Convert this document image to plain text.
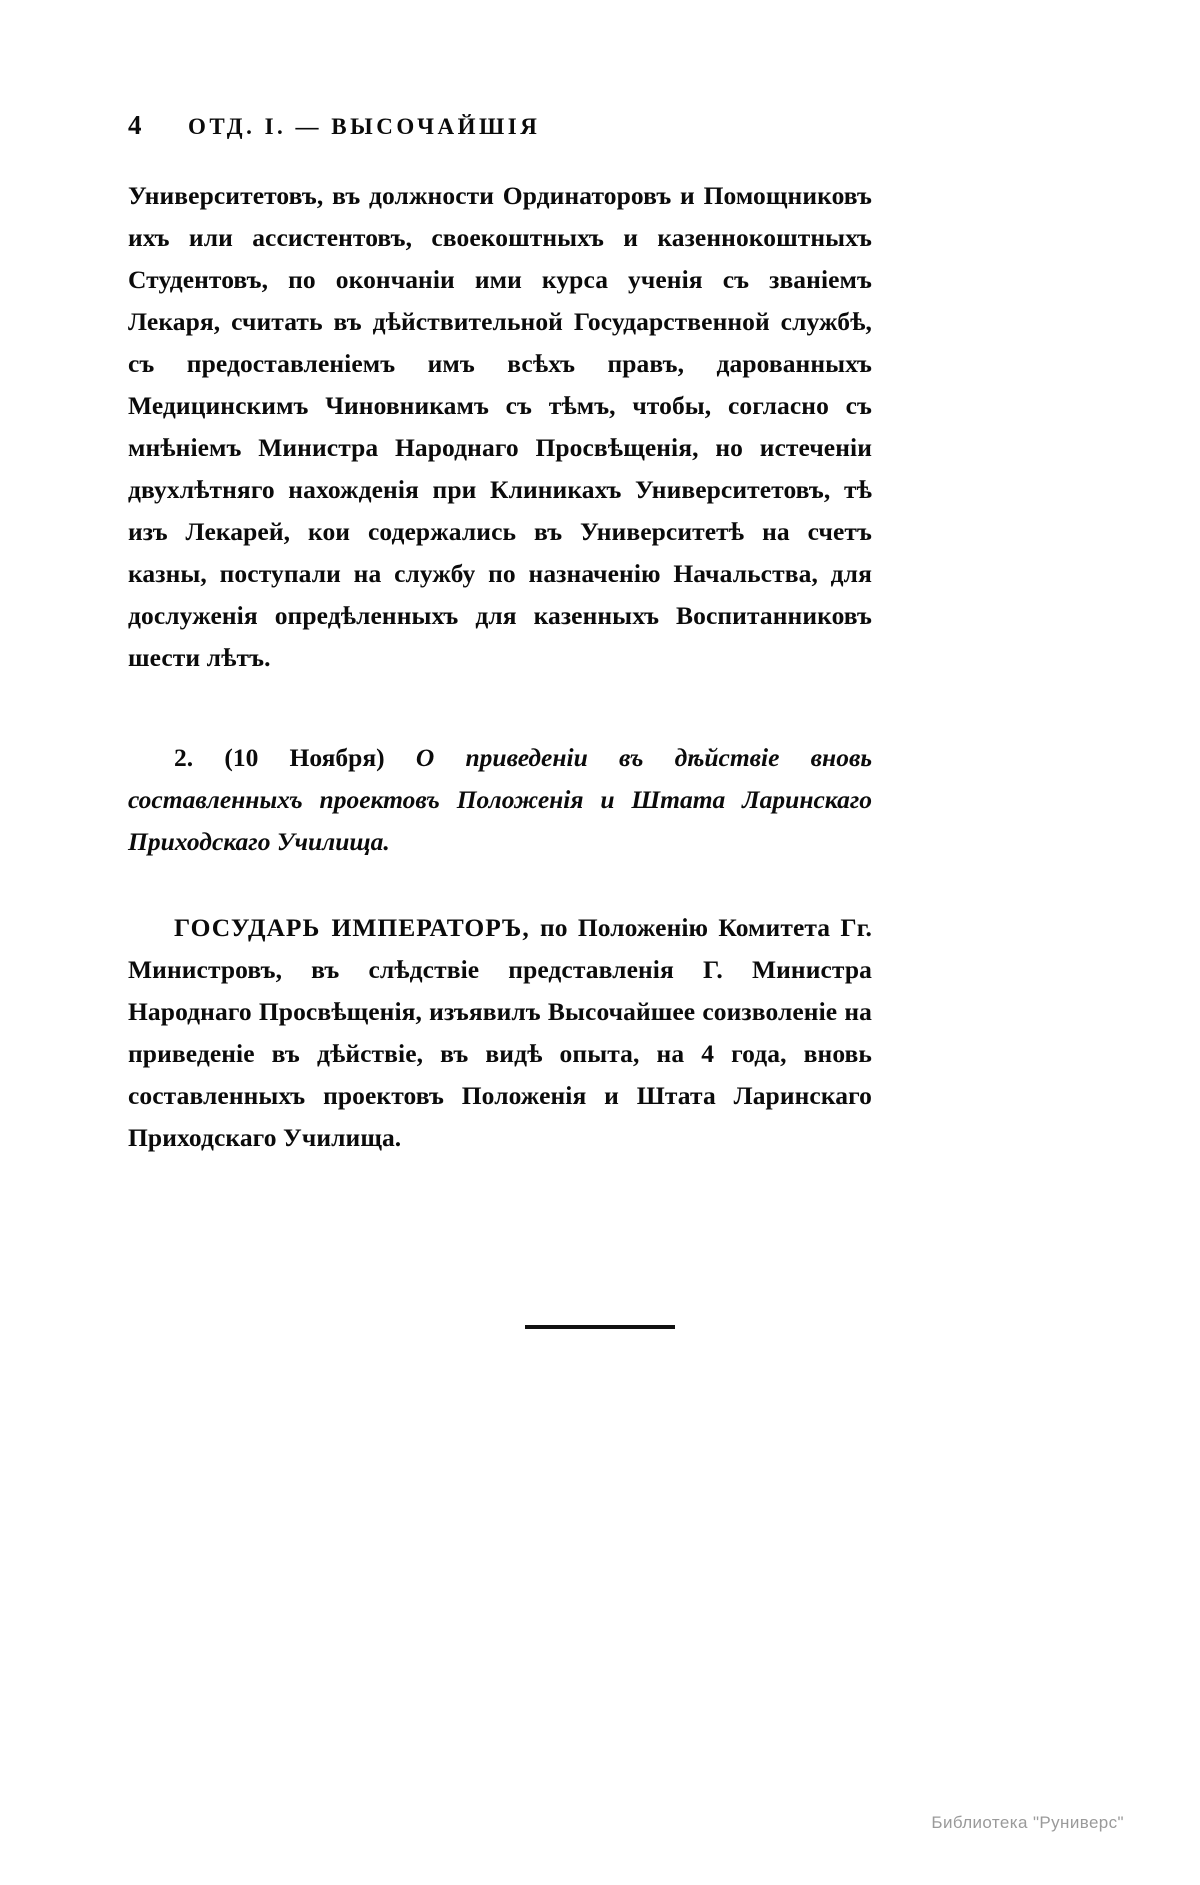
4	ОТД. I. — ВЫСОЧАЙШІЯ

Университетовъ, въ должности Ординаторовъ и Помощниковъ ихъ или ассистентовъ, своекоштныхъ и казеннокоштныхъ Студентовъ, по окончаніи ими курса ученія съ званіемъ Лекаря, считать въ дѣйствительной Государственной службѣ, съ предоставленіемъ имъ всѣхъ правъ, дарованныхъ Медицинскимъ Чиновникамъ съ тѣмъ, чтобы, согласно съ мнѣніемъ Министра Народнаго Просвѣщенія, но истеченіи двухлѣтняго нахожденія при Клиникахъ Университетовъ, тѣ изъ Лекарей, кои содержались въ Университетѣ на счетъ казны, поступали на службу по назначенію Начальства, для дослуженія опредѣленныхъ для казенныхъ Воспитанниковъ шести лѣтъ.

2. (10 Ноября) О приведеніи въ дѣйствіе вновь составленныхъ проектовъ Положенія и Штата Ларинскаго Приходскаго Училища.

ГОСУДАРЬ ИМПЕРАТОРЪ, по Положенію Комитета Гг. Министровъ, въ слѣдствіе представленія Г. Министра Народнаго Просвѣщенія, изъявилъ Высочайшее соизволеніе на приведеніе въ дѣйствіе, въ видѣ опыта, на 4 года, вновь составленныхъ проектовъ Положенія и Штата Ларинскаго Приходскаго Училища.

Библиотека "Руниверс"
